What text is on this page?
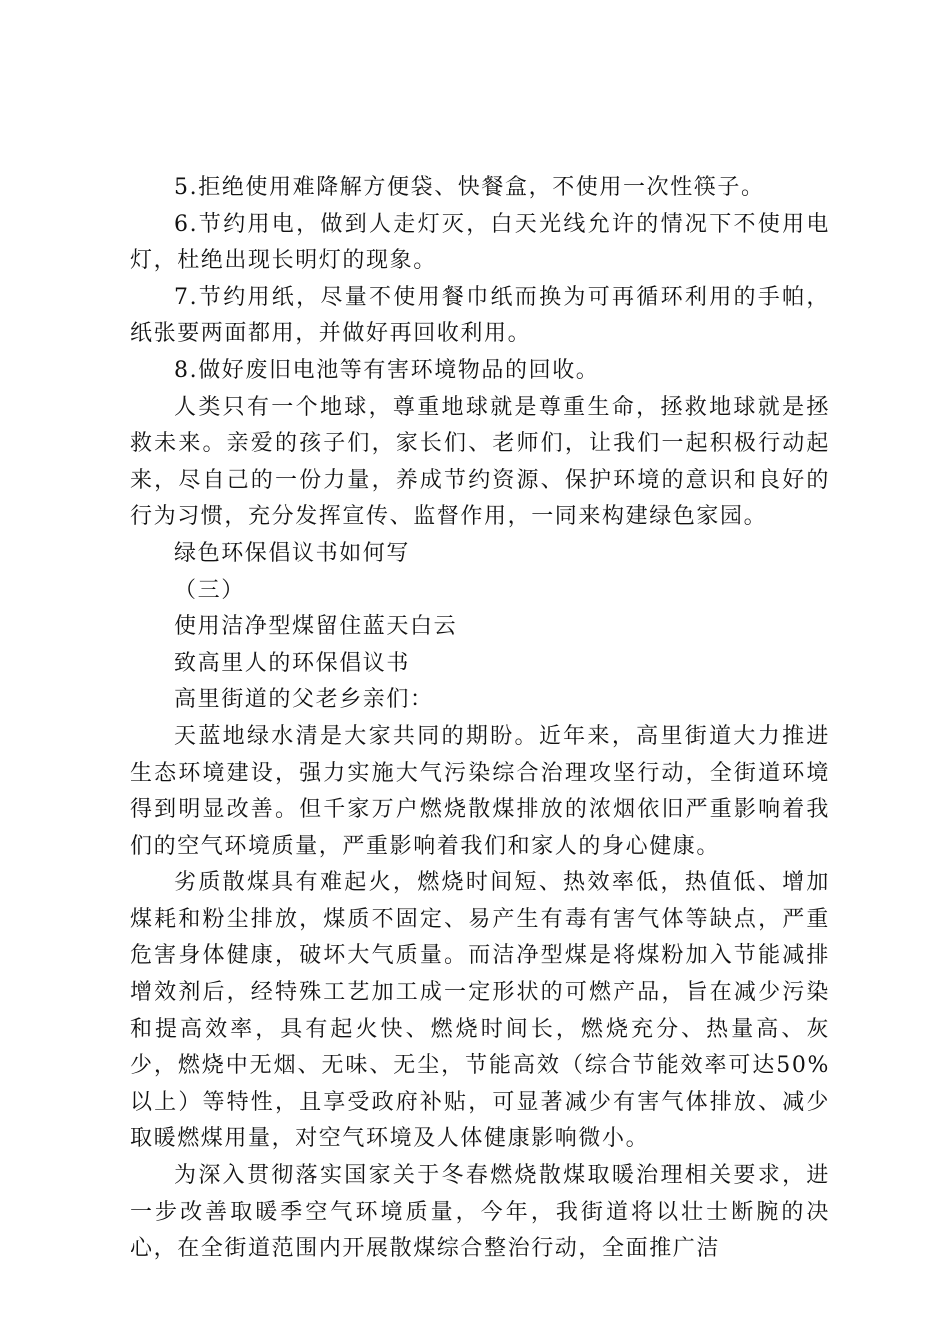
5.拒绝使用难降解方便袋、快餐盒，不使用一次性筷子。

6.节约用电，做到人走灯灭，白天光线允许的情况下不使用电灯，杜绝出现长明灯的现象。

7.节约用纸，尽量不使用餐巾纸而换为可再循环利用的手帕，纸张要两面都用，并做好再回收利用。

8.做好废旧电池等有害环境物品的回收。

人类只有一个地球，尊重地球就是尊重生命，拯救地球就是拯救未来。亲爱的孩子们，家长们、老师们，让我们一起积极行动起来，尽自己的一份力量，养成节约资源、保护环境的意识和良好的行为习惯，充分发挥宣传、监督作用，一同来构建绿色家园。

绿色环保倡议书如何写

（三）

使用洁净型煤留住蓝天白云

致高里人的环保倡议书

高里街道的父老乡亲们：

天蓝地绿水清是大家共同的期盼。近年来，高里街道大力推进生态环境建设，强力实施大气污染综合治理攻坚行动，全街道环境得到明显改善。但千家万户燃烧散煤排放的浓烟依旧严重影响着我们的空气环境质量，严重影响着我们和家人的身心健康。

劣质散煤具有难起火，燃烧时间短、热效率低，热值低、增加煤耗和粉尘排放，煤质不固定、易产生有毒有害气体等缺点，严重危害身体健康，破坏大气质量。而洁净型煤是将煤粉加入节能减排增效剂后，经特殊工艺加工成一定形状的可燃产品，旨在减少污染和提高效率，具有起火快、燃烧时间长，燃烧充分、热量高、灰少，燃烧中无烟、无味、无尘，节能高效（综合节能效率可达50%以上）等特性，且享受政府补贴，可显著减少有害气体排放、减少取暖燃煤用量，对空气环境及人体健康影响微小。

为深入贯彻落实国家关于冬春燃烧散煤取暖治理相关要求，进一步改善取暖季空气环境质量，今年，我街道将以壮士断腕的决心，在全街道范围内开展散煤综合整治行动，全面推广洁
